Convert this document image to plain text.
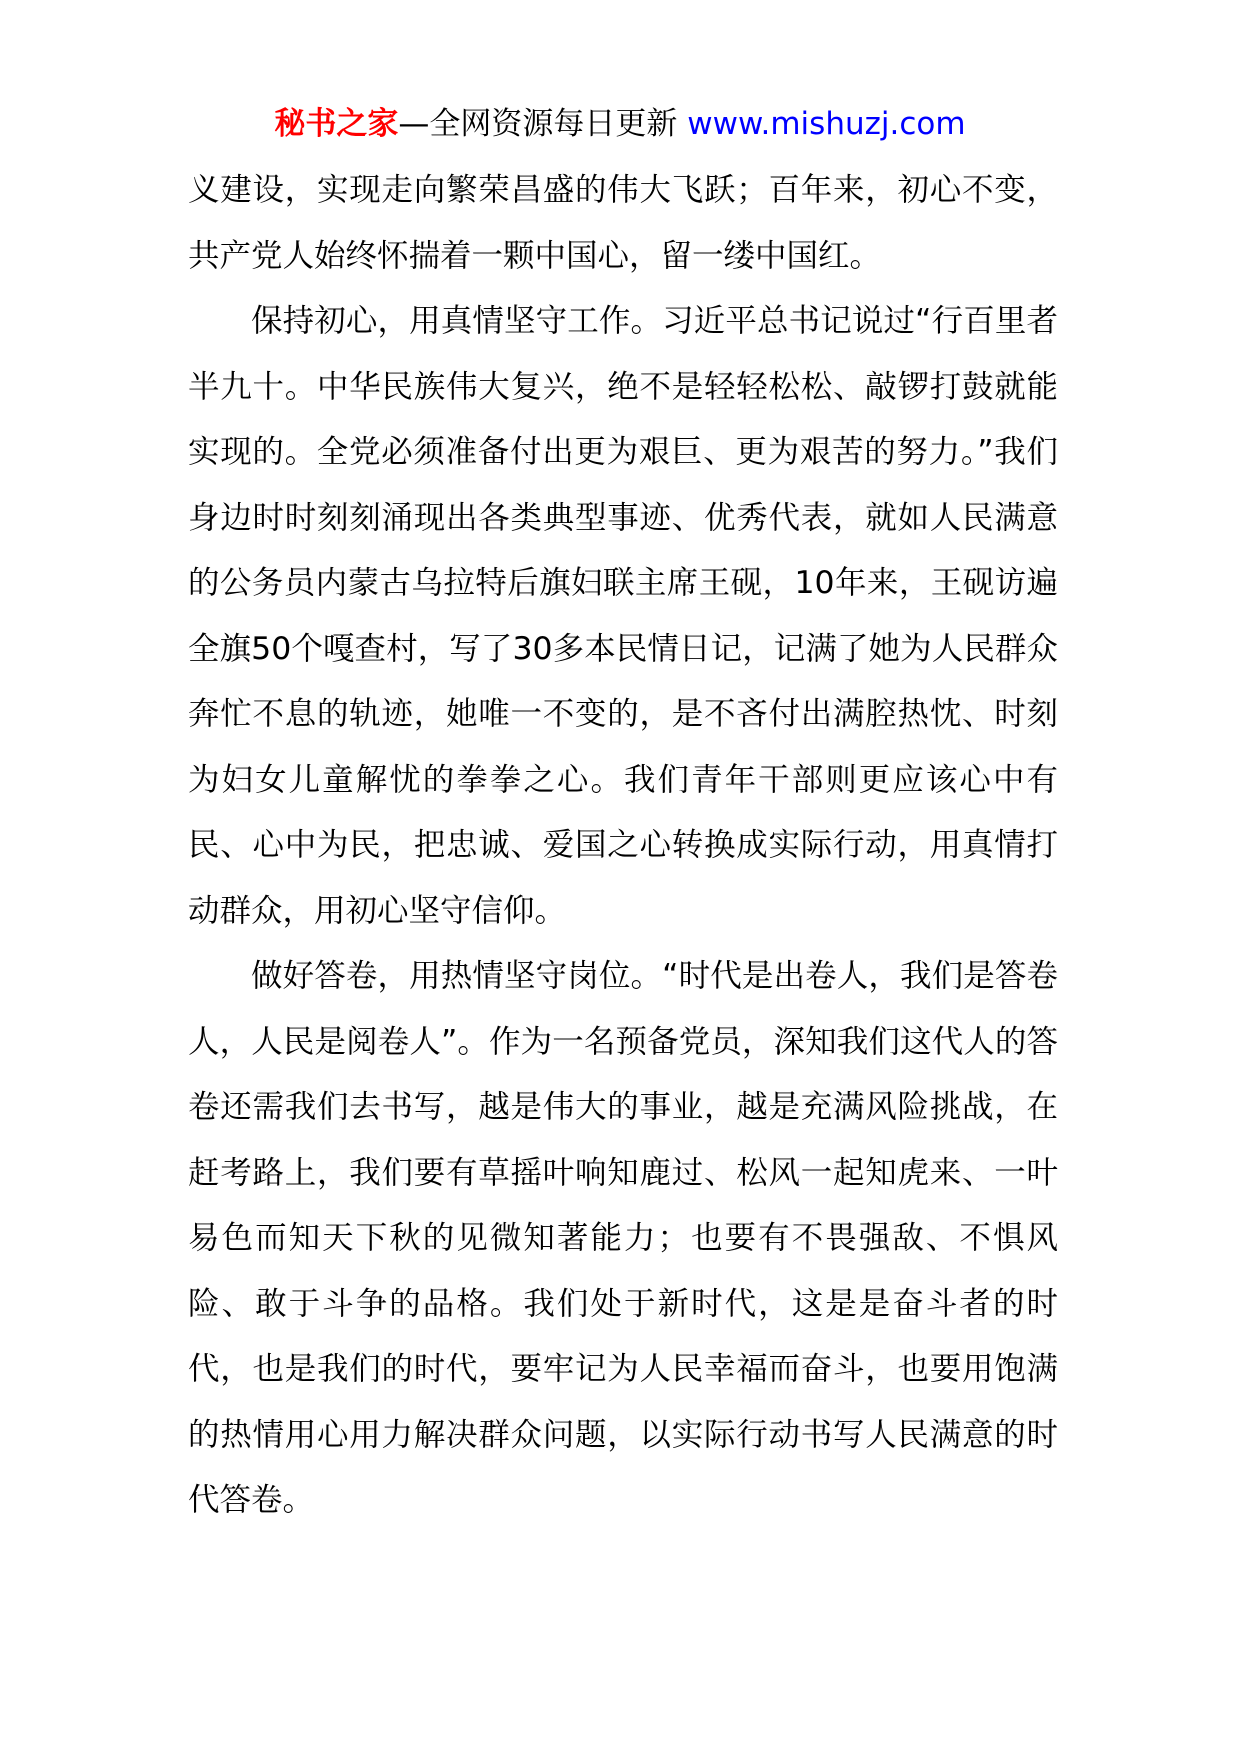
秘书之家—全网资源每日更新 www.mishuzj.com

义建设，实现走向繁荣昌盛的伟大飞跃；百年来，初心不变，共产党人始终怀揣着一颗中国心，留一缕中国红。

保持初心，用真情坚守工作。习近平总书记说过“行百里者半九十。中华民族伟大复兴，绝不是轻轻松松、敲锣打鼓就能实现的。全党必须准备付出更为艰巨、更为艰苦的努力。”我们身边时时刻刻涌现出各类典型事迹、优秀代表，就如人民满意的公务员内蒙古乌拉特后旗妇联主席王砚，10年来，王砚访遍全旗50个嘎查村，写了30多本民情日记，记满了她为人民群众奔忙不息的轨迹，她唯一不变的，是不吝付出满腔热忱、时刻为妇女儿童解忧的拳拳之心。我们青年干部则更应该心中有民、心中为民，把忠诚、爱国之心转换成实际行动，用真情打动群众，用初心坚守信仰。

做好答卷，用热情坚守岗位。“时代是出卷人，我们是答卷人，人民是阅卷人”。作为一名预备党员，深知我们这代人的答卷还需我们去书写，越是伟大的事业，越是充满风险挑战，在赶考路上，我们要有草摇叶响知鹿过、松风一起知虎来、一叶易色而知天下秋的见微知著能力；也要有不畏强敌、不惧风险、敢于斗争的品格。我们处于新时代，这是是奋斗者的时代，也是我们的时代，要牢记为人民幸福而奋斗，也要用饱满的热情用心用力解决群众问题，以实际行动书写人民满意的时代答卷。
